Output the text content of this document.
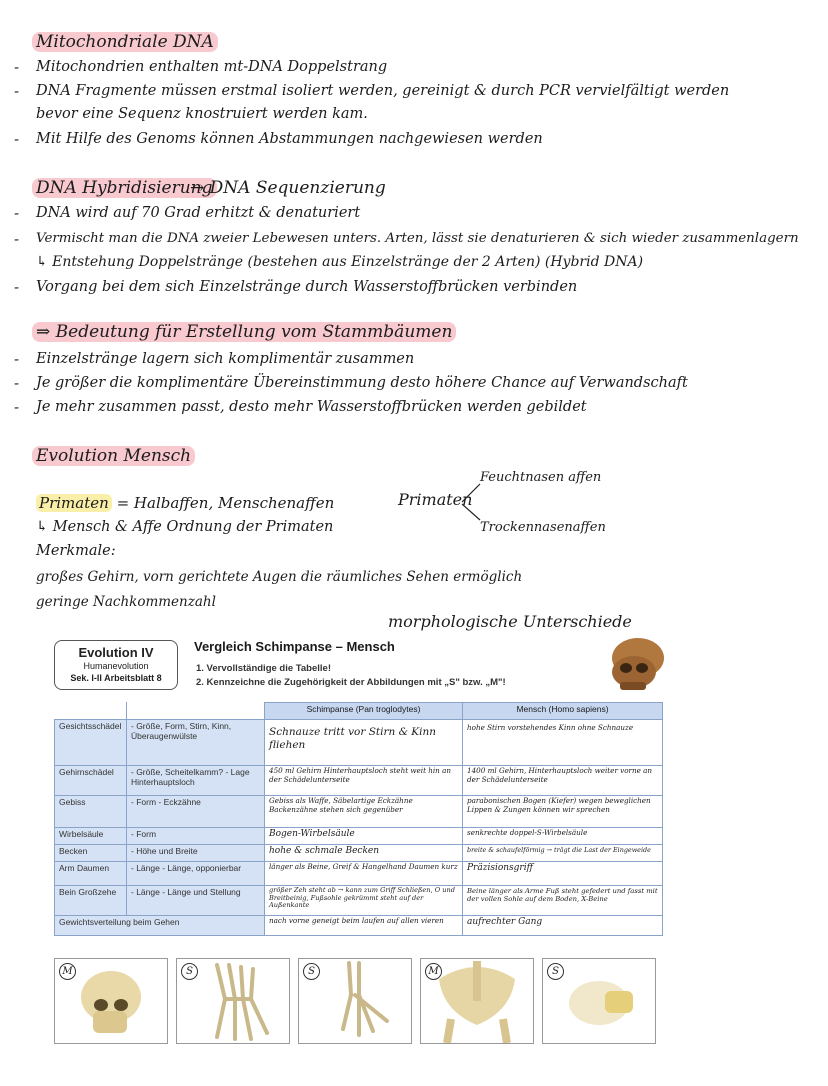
Mitochondriale DNA
- Mitochondrien enthalten mt-DNA Doppelstrang
- DNA Fragmente müssen erstmal isoliert werden, gereinigt & durch PCR vervielfältigt werden
bevor eine Sequenz knostruiert werden kam.
- Mit Hilfe des Genoms können Abstammungen nachgewiesen werden
DNA Hybridisierung
→ DNA Sequenzierung
- DNA wird auf 70 Grad erhitzt & denaturiert
- Vermischt man die DNA zweier Lebewesen unters. Arten, lässt sie denaturieren & sich wieder zusammenlagern
↳ Entstehung Doppelstränge (bestehen aus Einzelstränge der 2 Arten) (Hybrid DNA)
- Vorgang bei dem sich Einzelstränge durch Wasserstoffbrücken verbinden
⇒ Bedeutung für Erstellung vom Stammbäumen
- Einzelstränge lagern sich komplimentär zusammen
- Je größer die komplimentäre Übereinstimmung desto höhere Chance auf Verwandschaft
- Je mehr zusammen passt, desto mehr Wasserstoffbrücken werden gebildet
Evolution Mensch
Primaten = Halbaffen, Menschenaffen
↳ Mensch & Affe Ordnung der Primaten
Merkmale:
großes Gehirn, vorn gerichtete Augen die räumliches Sehen ermöglich
geringe Nachkommenzahl
Primaten
Feuchtnasen affen
Trockennasenaffen
morphologische Unterschiede
Evolution IV
Humanevolution
Sek. I-II Arbeitsblatt 8
Vergleich Schimpanse – Mensch
1. Vervollständige die Tabelle!
2. Kennzeichne die Zugehörigkeit der Abbildungen mit „S" bzw. „M"!
		Schimpanse (Pan troglodytes)	Mensch (Homo sapiens)
Gesichtsschädel	- Größe, Form, Stirn, Kinn, Überaugenwülste	Schnauze tritt vor Stirn & Kinn fliehen	hohe Stirn vorstehendes Kinn ohne Schnauze
Gehirnschädel	- Größe, Scheitelkamm? - Lage Hinterhauptsloch	450 ml Gehirn Hinterhauptsloch steht weit hin an der Schädelunterseite	1400 ml Gehirn, Hinterhauptsloch weiter vorne an der Schädelunterseite
Gebiss	- Form - Eckzähne	Gebiss als Waffe, Säbelartige Eckzähne Backenzähne stehen sich gegenüber	parabonischen Bogen (Kiefer) wegen beweglichen Lippen & Zungen können wir sprechen
Wirbelsäule	- Form	Bogen-Wirbelsäule	senkrechte doppel-S-Wirbelsäule
Becken	- Höhe und Breite	hohe & schmale Becken	breite & schaufelförmig → trägt die Last der Eingeweide
Arm Daumen	- Länge - Länge, opponierbar	länger als Beine, Greif & Hangelhand Daumen kurz	Präzisionsgriff
Bein Großzehe	- Länge - Länge und Stellung	größer Zeh steht ab → kann zum Griff Schließen, O und Breitbeinig, Fußsohle gekrümmt steht auf der Außenkante	Beine länger als Arme Fuß steht gefedert und fasst mit der vollen Sohle auf dem Boden, X-Beine
Gewichtsverteilung beim Gehen		nach vorne geneigt beim laufen auf allen vieren	aufrechter Gang
M	S	S	M	S
